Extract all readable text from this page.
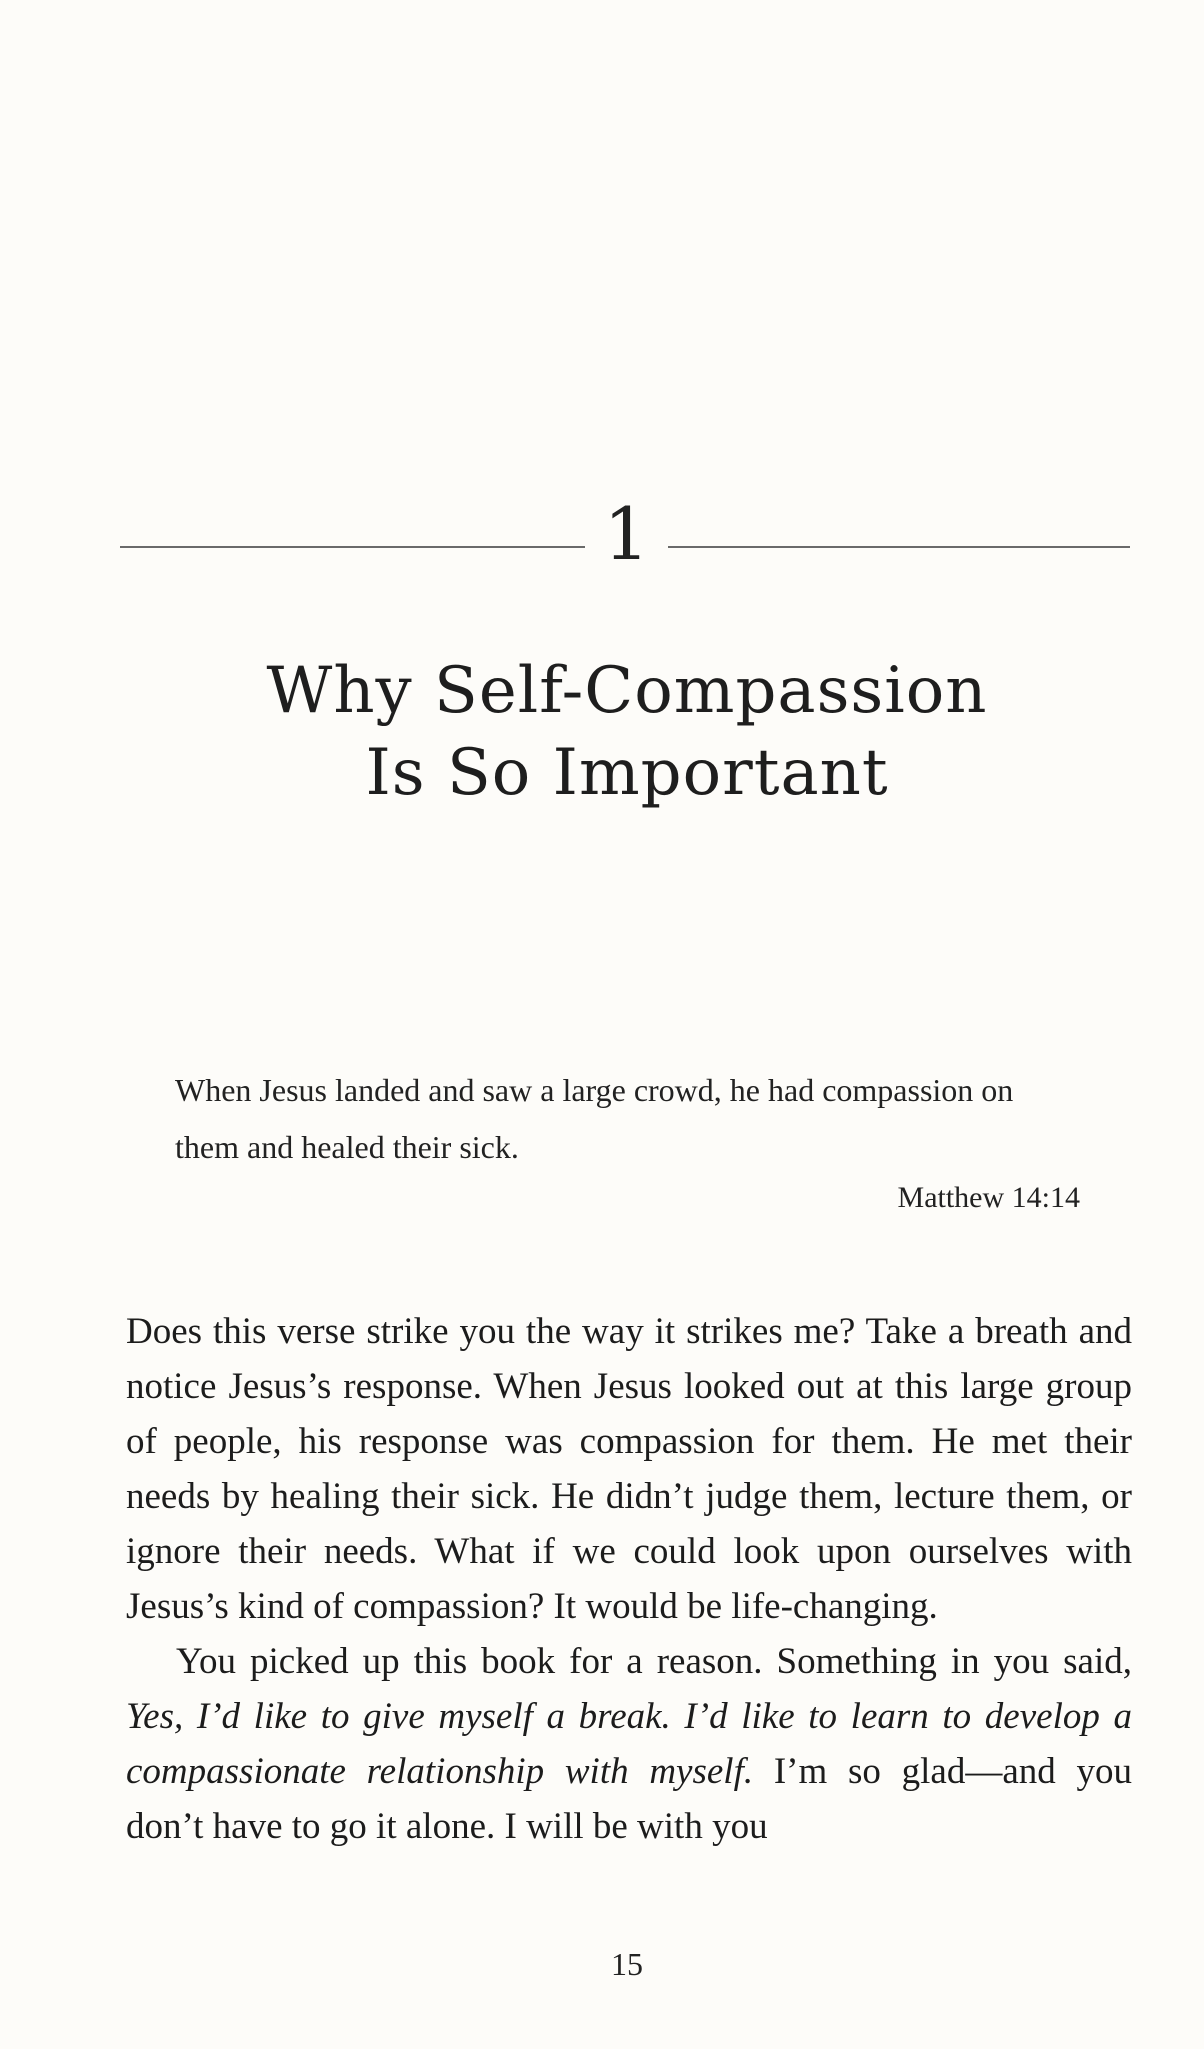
1
Why Self-Compassion
Is So Important

When Jesus landed and saw a large crowd, he had compassion on them and healed their sick.

Matthew 14:14

Does this verse strike you the way it strikes me? Take a breath and notice Jesus’s response. When Jesus looked out at this large group of people, his response was compassion for them. He met their needs by healing their sick. He didn’t judge them, lecture them, or ignore their needs. What if we could look upon ourselves with Jesus’s kind of compassion? It would be life-changing.

You picked up this book for a reason. Something in you said, Yes, I’d like to give myself a break. I’d like to learn to develop a compassionate relationship with myself. I’m so glad—and you don’t have to go it alone. I will be with you

15
